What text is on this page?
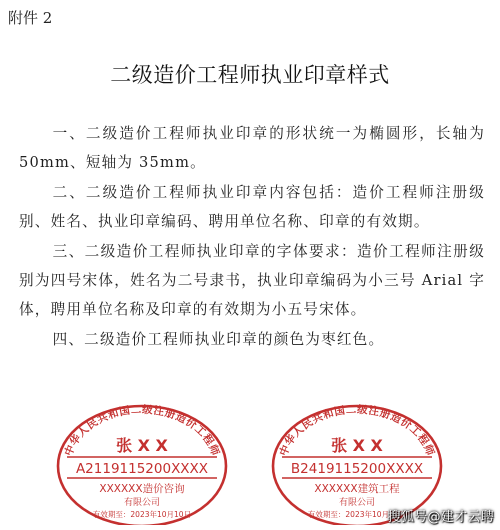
附件 2
二级造价工程师执业印章样式

一、二级造价工程师执业印章的形状统一为椭圆形，长轴为 50mm、短轴为 35mm。

二、二级造价工程师执业印章内容包括：造价工程师注册级别、姓名、执业印章编码、聘用单位名称、印章的有效期。

三、二级造价工程师执业印章的字体要求：造价工程师注册级别为四号宋体，姓名为二号隶书，执业印章编码为小三号 Arial 字体，聘用单位名称及印章的有效期为小五号宋体。

四、二级造价工程师执业印章的颜色为枣红色。

中华人民共和国二级注册造价工程师
张 X X
A2119115200XXXX
XXXXXX造价咨询
有限公司
有效期至：2023年10月10日
中华人民共和国二级注册造价工程师
张 X X
B2419115200XXXX
XXXXXX建筑工程
有限公司
有效期至：2023年10月10日
搜狐号@建才云聘
